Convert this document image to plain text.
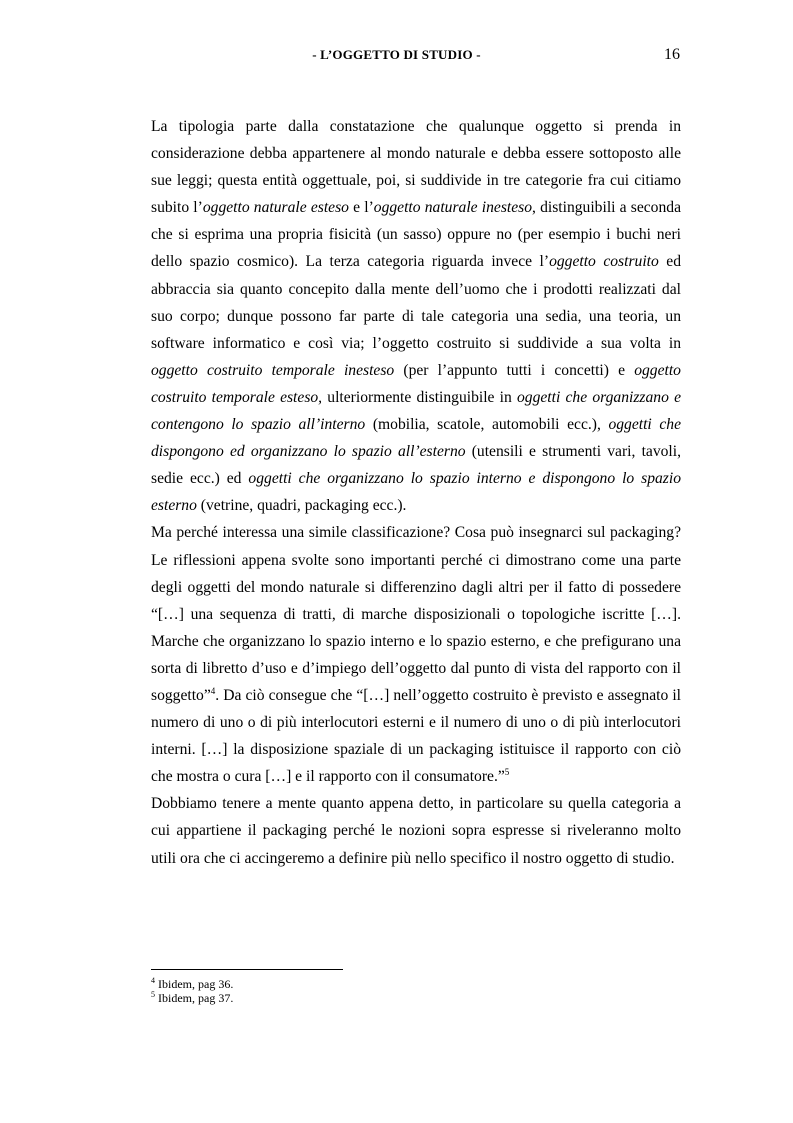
- L’OGGETTO DI STUDIO -	16

La tipologia parte dalla constatazione che qualunque oggetto si prenda in considerazione debba appartenere al mondo naturale e debba essere sottoposto alle sue leggi; questa entità oggettuale, poi, si suddivide in tre categorie fra cui citiamo subito l’oggetto naturale esteso e l’oggetto naturale inesteso, distinguibili a seconda che si esprima una propria fisicità (un sasso) oppure no (per esempio i buchi neri dello spazio cosmico). La terza categoria riguarda invece l’oggetto costruito ed abbraccia sia quanto concepito dalla mente dell’uomo che i prodotti realizzati dal suo corpo; dunque possono far parte di tale categoria una sedia, una teoria, un software informatico e così via; l’oggetto costruito si suddivide a sua volta in oggetto costruito temporale inesteso (per l’appunto tutti i concetti) e oggetto costruito temporale esteso, ulteriormente distinguibile in oggetti che organizzano e contengono lo spazio all’interno (mobilia, scatole, automobili ecc.), oggetti che dispongono ed organizzano lo spazio all’esterno (utensili e strumenti vari, tavoli, sedie ecc.) ed oggetti che organizzano lo spazio interno e dispongono lo spazio esterno (vetrine, quadri, packaging ecc.).

Ma perché interessa una simile classificazione? Cosa può insegnarci sul packaging? Le riflessioni appena svolte sono importanti perché ci dimostrano come una parte degli oggetti del mondo naturale si differenzino dagli altri per il fatto di possedere “[…] una sequenza di tratti, di marche disposizionali o topologiche iscritte […]. Marche che organizzano lo spazio interno e lo spazio esterno, e che prefigurano una sorta di libretto d’uso e d’impiego dell’oggetto dal punto di vista del rapporto con il soggetto”$^4$. Da ciò consegue che “[…] nell’oggetto costruito è previsto e assegnato il numero di uno o di più interlocutori esterni e il numero di uno o di più interlocutori interni. […] la disposizione spaziale di un packaging istituisce il rapporto con ciò che mostra o cura […] e il rapporto con il consumatore.”$^5$

Dobbiamo tenere a mente quanto appena detto, in particolare su quella categoria a cui appartiene il packaging perché le nozioni sopra espresse si riveleranno molto utili ora che ci accingeremo a definire più nello specifico il nostro oggetto di studio.

$^4$ Ibidem, pag 36.
$^5$ Ibidem, pag 37.
